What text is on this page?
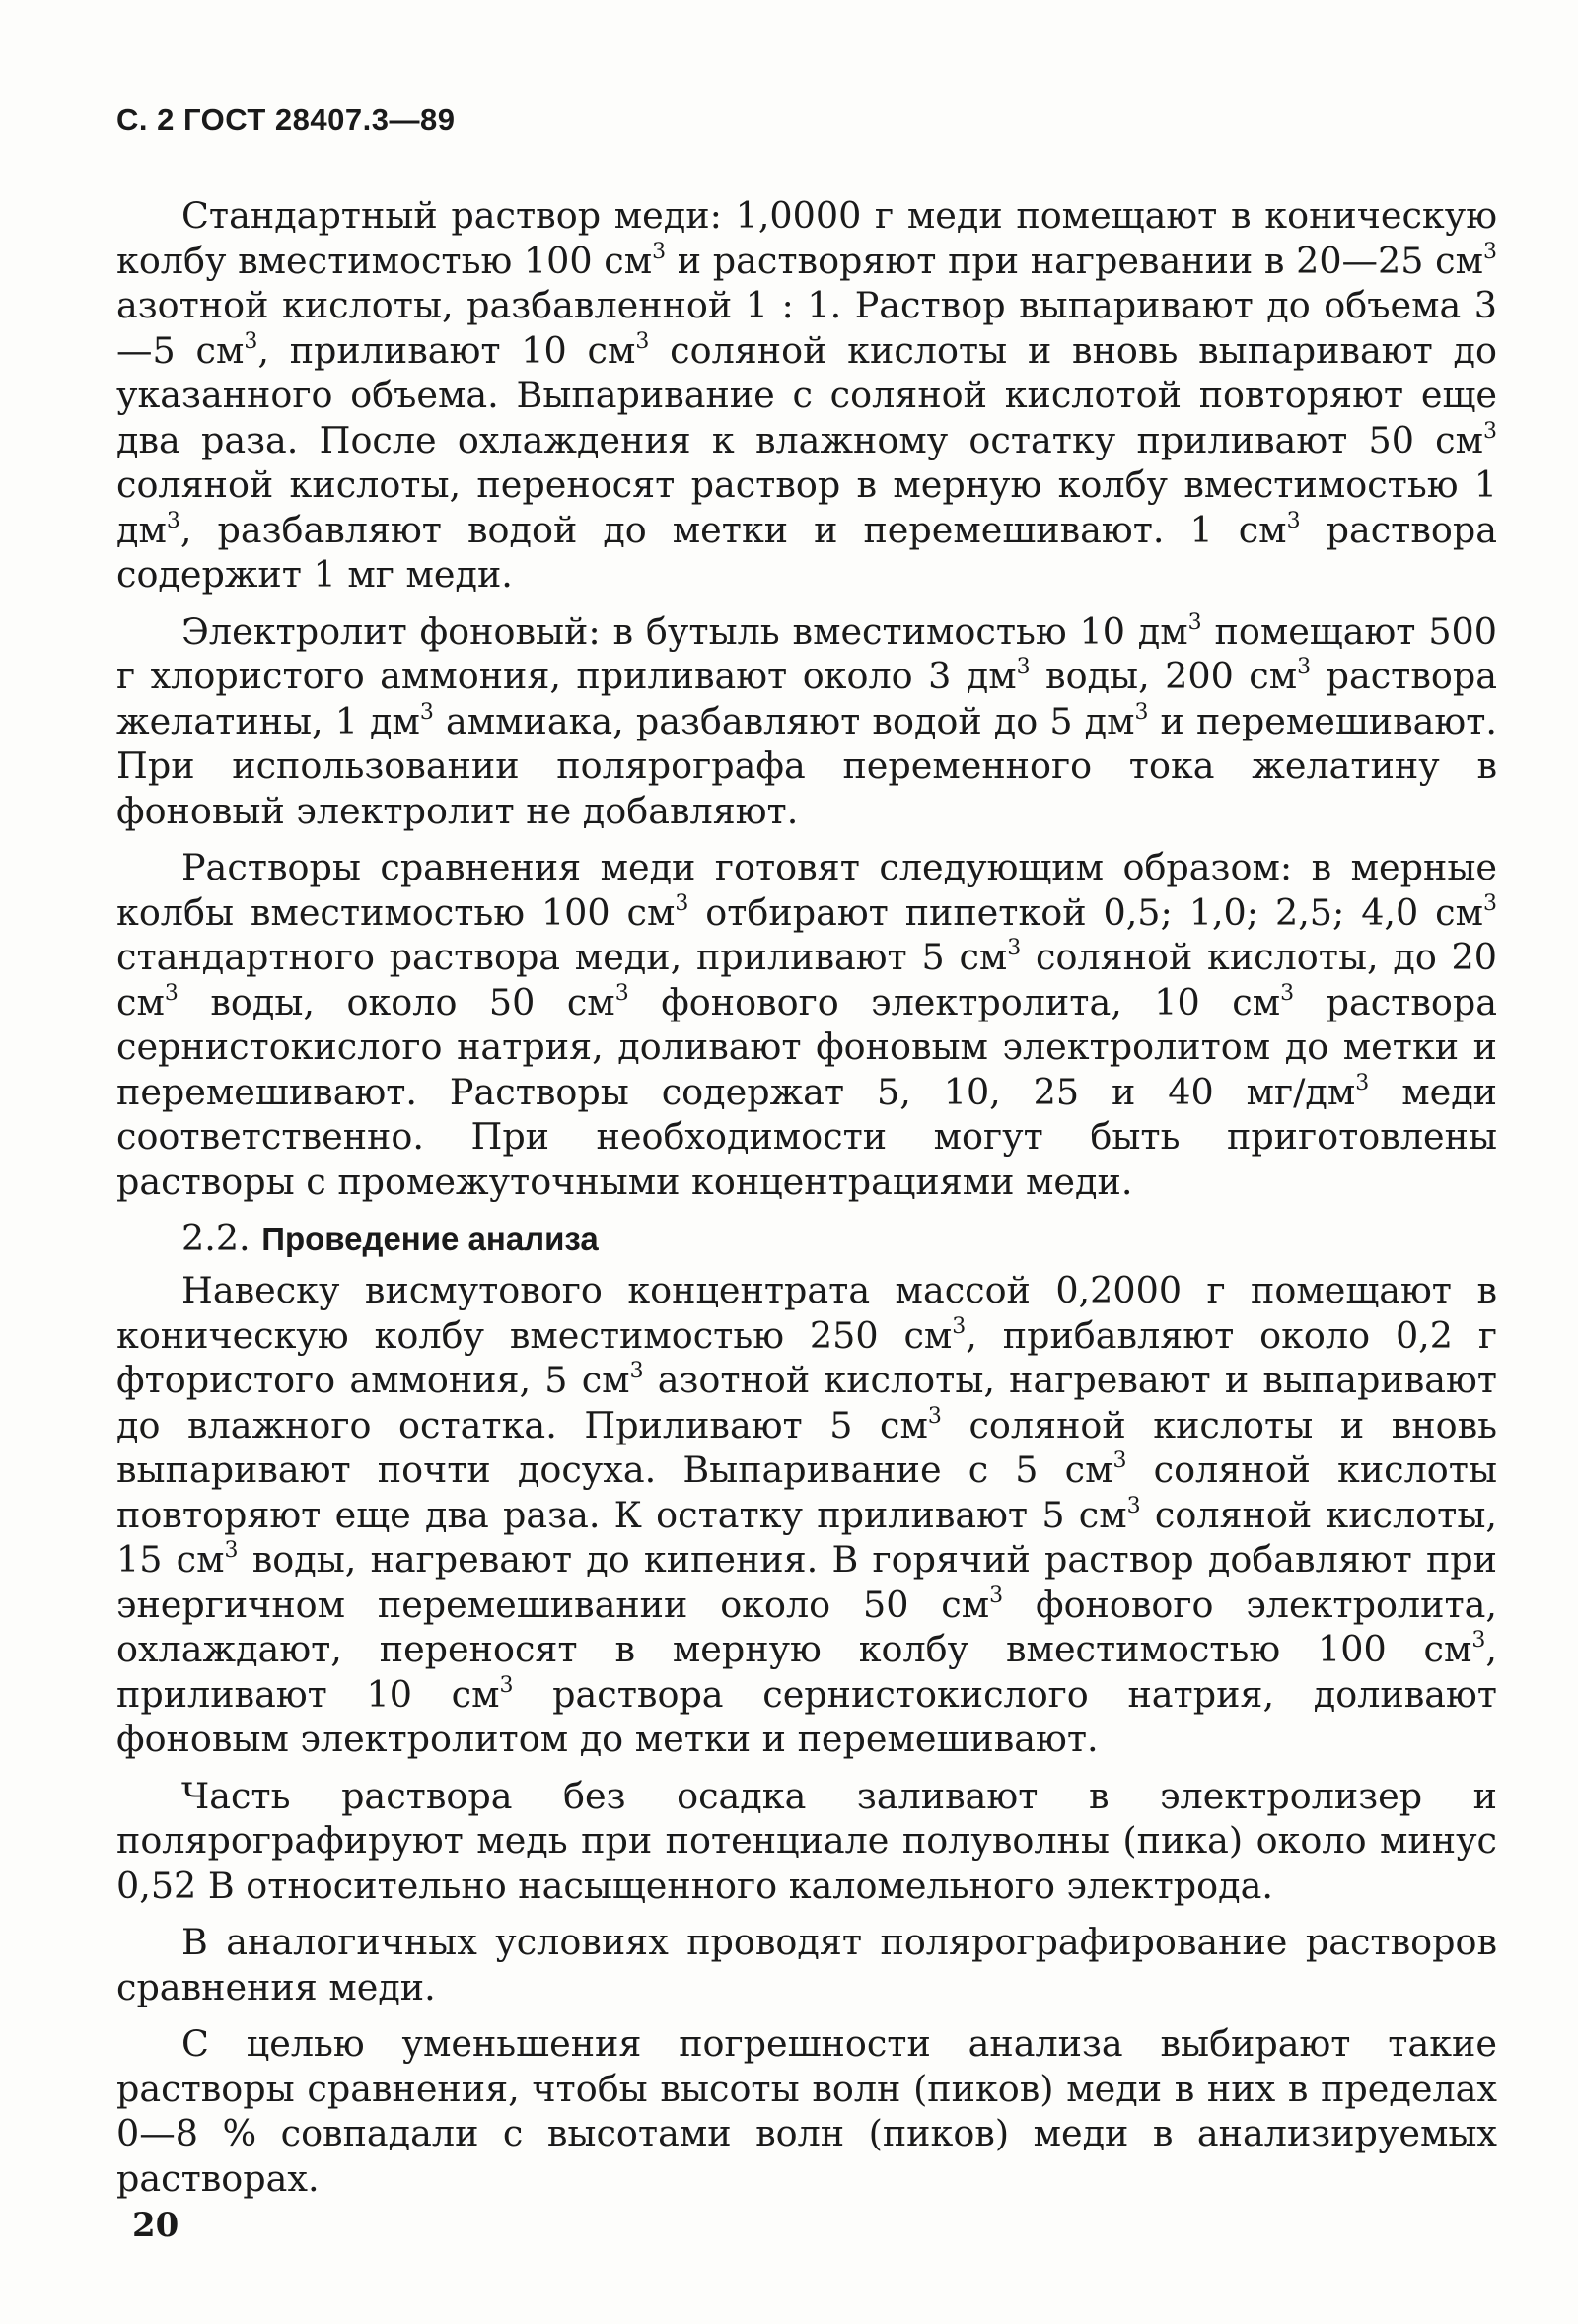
С. 2 ГОСТ 28407.3—89

Стандартный раствор меди: 1,0000 г меди помещают в коническую колбу вместимостью 100 $см^3$ и растворяют при нагревании в 20—25 $см^3$ азотной кислоты, разбавленной 1 : 1. Раствор выпаривают до объема 3—5 $см^3$, приливают 10 $см^3$ соляной кислоты и вновь выпаривают до указанного объема. Выпаривание с соляной кислотой повторяют еще два раза. После охлаждения к влажному остатку приливают 50 $см^3$ соляной кислоты, переносят раствор в мерную колбу вместимостью 1 $дм^3$, разбавляют водой до метки и перемешивают. 1 $см^3$ раствора содержит 1 мг меди.

Электролит фоновый: в бутыль вместимостью 10 $дм^3$ помещают 500 г хлористого аммония, приливают около 3 $дм^3$ воды, 200 $см^3$ раствора желатины, 1 $дм^3$ аммиака, разбавляют водой до 5 $дм^3$ и перемешивают. При использовании полярографа переменного тока желатину в фоновый электролит не добавляют.

Растворы сравнения меди готовят следующим образом: в мерные колбы вместимостью 100 $см^3$ отбирают пипеткой 0,5; 1,0; 2,5; 4,0 $см^3$ стандартного раствора меди, приливают 5 $см^3$ соляной кислоты, до 20 $см^3$ воды, около 50 $см^3$ фонового электролита, 10 $см^3$ раствора сернистокислого натрия, доливают фоновым электролитом до метки и перемешивают. Растворы содержат 5, 10, 25 и 40 $мг/дм^3$ меди соответственно. При необходимости могут быть приготовлены растворы с промежуточными концентрациями меди.

2.2. Проведение анализа

Навеску висмутового концентрата массой 0,2000 г помещают в коническую колбу вместимостью 250 $см^3$, прибавляют около 0,2 г фтористого аммония, 5 $см^3$ азотной кислоты, нагревают и выпаривают до влажного остатка. Приливают 5 $см^3$ соляной кислоты и вновь выпаривают почти досуха. Выпаривание с 5 $см^3$ соляной кислоты повторяют еще два раза. К остатку приливают 5 $см^3$ соляной кислоты, 15 $см^3$ воды, нагревают до кипения. В горячий раствор добавляют при энергичном перемешивании около 50 $см^3$ фонового электролита, охлаждают, переносят в мерную колбу вместимостью 100 $см^3$, приливают 10 $см^3$ раствора сернистокислого натрия, доливают фоновым электролитом до метки и перемешивают.

Часть раствора без осадка заливают в электролизер и полярографируют медь при потенциале полуволны (пика) около минус 0,52 В относительно насыщенного каломельного электрода.

В аналогичных условиях проводят полярографирование растворов сравнения меди.

С целью уменьшения погрешности анализа выбирают такие растворы сравнения, чтобы высоты волн (пиков) меди в них в пределах 0—8 % совпадали с высотами волн (пиков) меди в анализируемых растворах.

20
